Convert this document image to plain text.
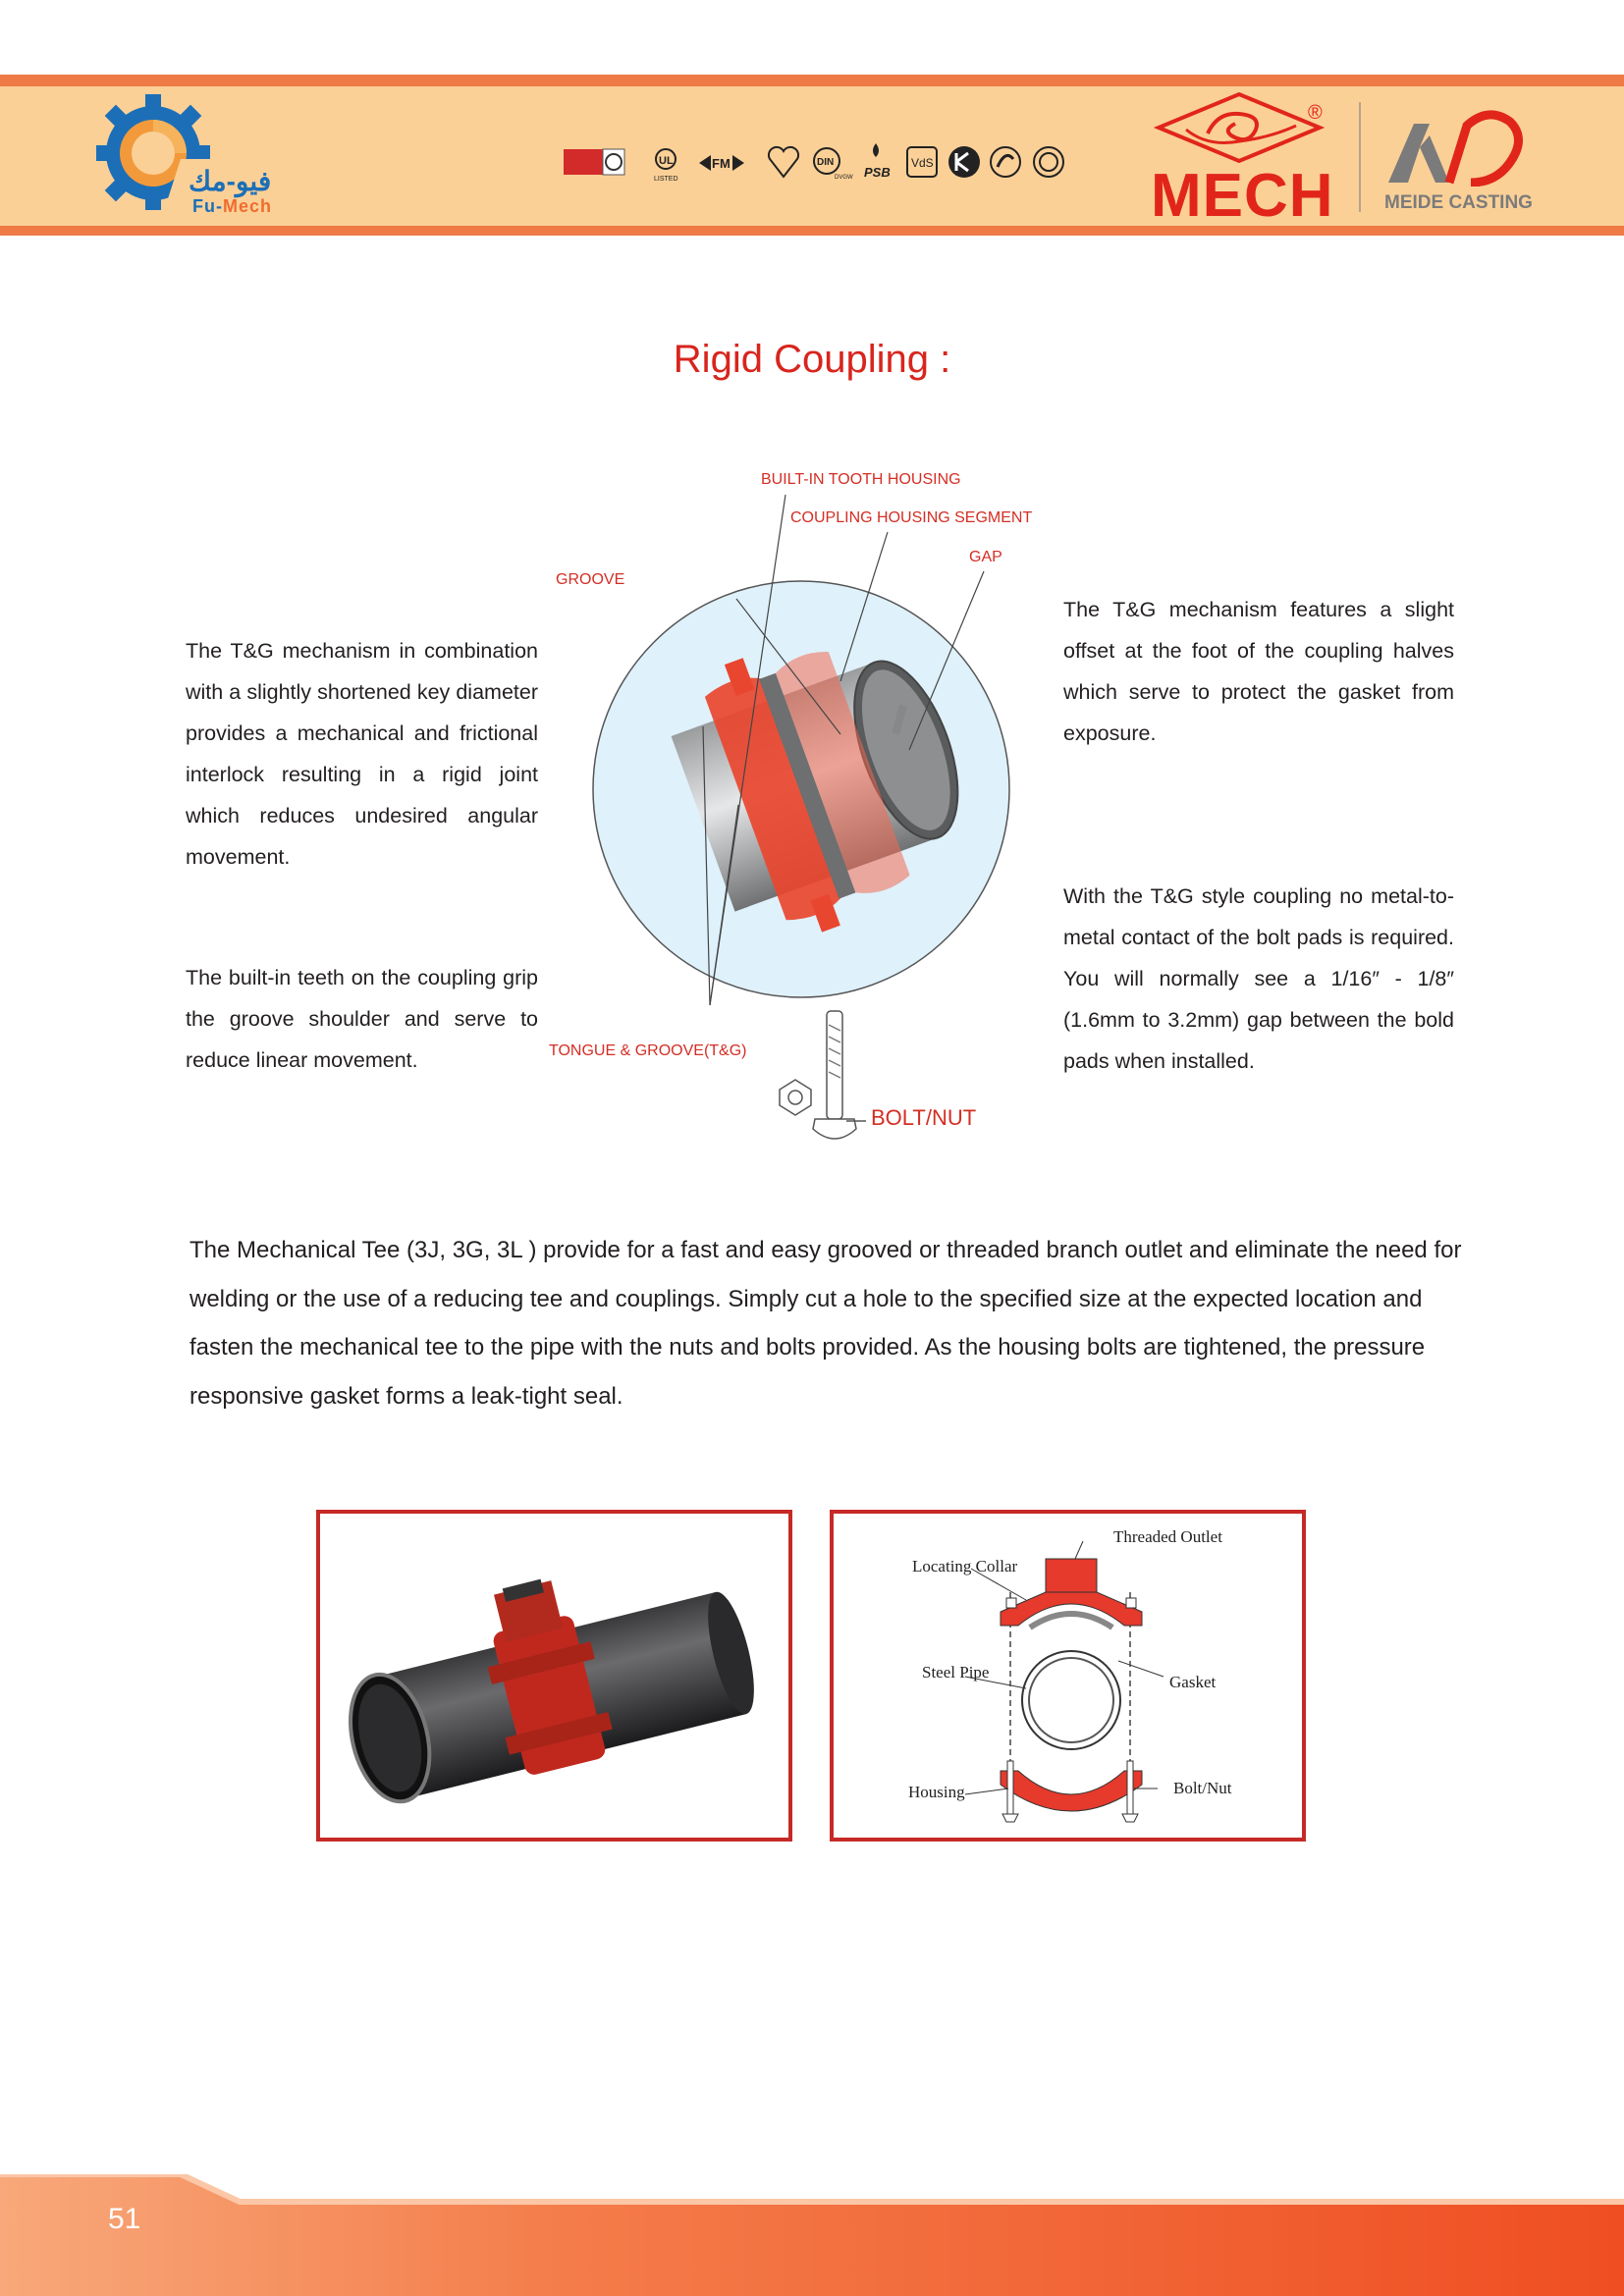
فيو-مك
Fu-Mech
UL
LISTED
FM	DIN
DVGW PSB
VdS
®
MECH	MEIDE CASTING
Rigid Coupling :
BUILT-IN TOOTH HOUSING
COUPLING HOUSING SEGMENT
GAP
GROOVE
TONGUE & GROOVE(T&G)
BOLT/NUT
The T&G mechanism in combination with a slightly shortened key diameter provides a mechanical and frictional interlock resulting in a rigid joint which reduces undesired angular movement.
The built-in teeth on the coupling grip the groove shoulder and serve to reduce linear movement.
The T&G mechanism features a slight offset at the foot of the coupling halves which serve to protect the gasket from exposure.
With the T&G style coupling no metal-to-metal contact of the bolt pads is required. You will normally see a 1/16″ - 1/8″ (1.6mm to 3.2mm) gap between the bold pads when installed.
The Mechanical Tee (3J, 3G, 3L ) provide for a fast and easy grooved or threaded branch outlet and eliminate the need for welding or the use of a reducing tee and couplings. Simply cut a hole to the specified size at the expected location and fasten the mechanical tee to the pipe with the nuts and bolts provided. As the housing bolts are tightened, the pressure responsive gasket forms a leak-tight seal.
Threaded Outlet
Locating Collar
Steel Pipe
Gasket
Housing	Bolt/Nut
51
